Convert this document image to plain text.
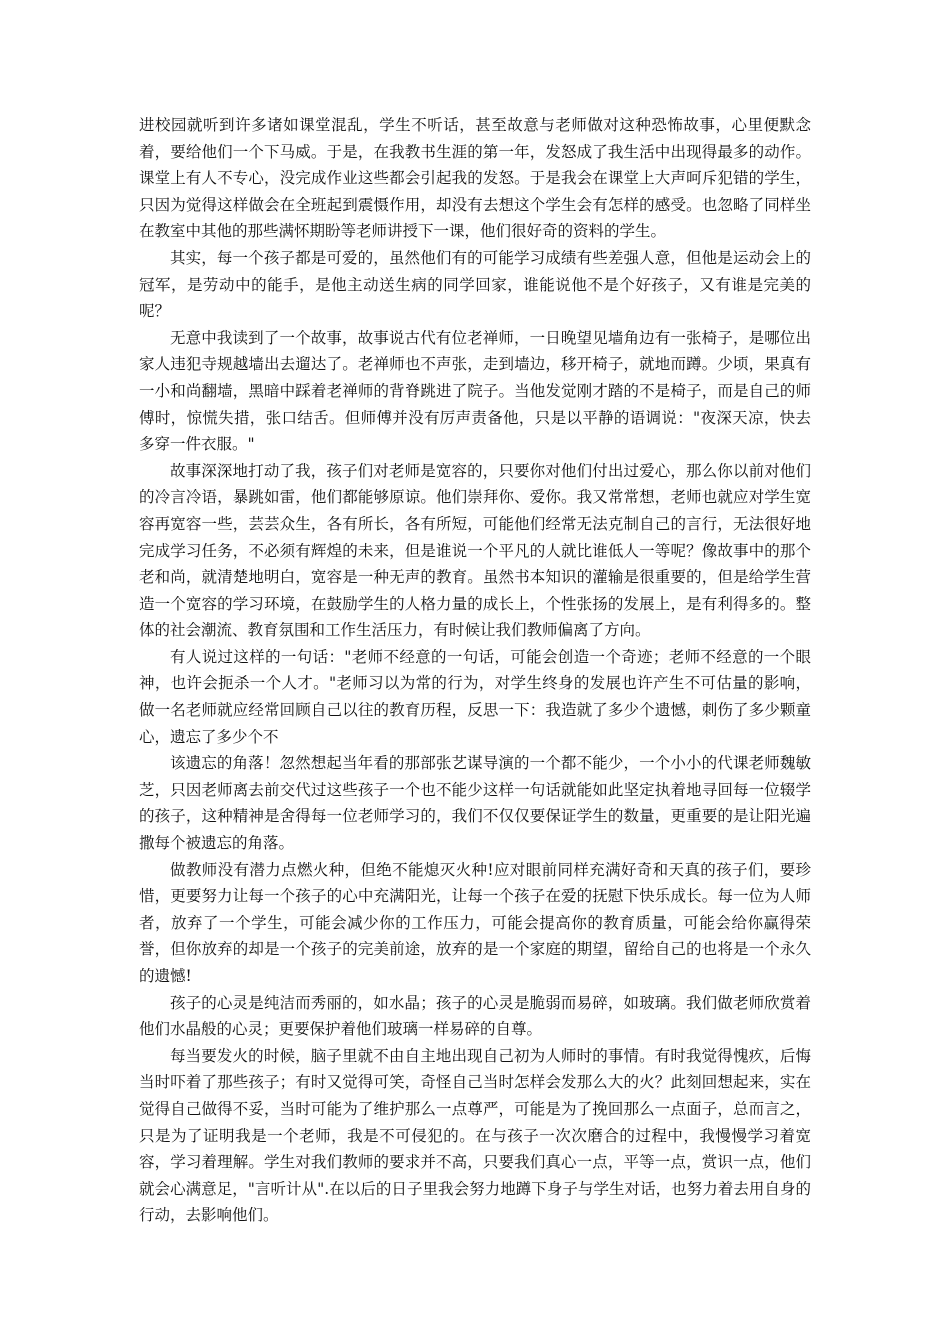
进校园就听到许多诸如课堂混乱，学生不听话，甚至故意与老师做对这种恐怖故事，心里便默念着，要给他们一个下马威。于是，在我教书生涯的第一年，发怒成了我生活中出现得最多的动作。课堂上有人不专心，没完成作业这些都会引起我的发怒。于是我会在课堂上大声呵斥犯错的学生，只因为觉得这样做会在全班起到震慑作用，却没有去想这个学生会有怎样的感受。也忽略了同样坐在教室中其他的那些满怀期盼等老师讲授下一课，他们很好奇的资料的学生。

其实，每一个孩子都是可爱的，虽然他们有的可能学习成绩有些差强人意，但他是运动会上的冠军，是劳动中的能手，是他主动送生病的同学回家，谁能说他不是个好孩子，又有谁是完美的呢？

无意中我读到了一个故事，故事说古代有位老禅师，一日晚望见墙角边有一张椅子，是哪位出家人违犯寺规越墙出去遛达了。老禅师也不声张，走到墙边，移开椅子，就地而蹲。少顷，果真有一小和尚翻墙，黑暗中踩着老禅师的背脊跳进了院子。当他发觉刚才踏的不是椅子，而是自己的师傅时，惊慌失措，张口结舌。但师傅并没有厉声责备他，只是以平静的语调说："夜深天凉，快去多穿一件衣服。"

故事深深地打动了我，孩子们对老师是宽容的，只要你对他们付出过爱心，那么你以前对他们的冷言冷语，暴跳如雷，他们都能够原谅。他们崇拜你、爱你。我又常常想，老师也就应对学生宽容再宽容一些，芸芸众生，各有所长，各有所短，可能他们经常无法克制自己的言行，无法很好地完成学习任务，不必须有辉煌的未来，但是谁说一个平凡的人就比谁低人一等呢？像故事中的那个老和尚，就清楚地明白，宽容是一种无声的教育。虽然书本知识的灌输是很重要的，但是给学生营造一个宽容的学习环境，在鼓励学生的人格力量的成长上，个性张扬的发展上，是有利得多的。整体的社会潮流、教育氛围和工作生活压力，有时候让我们教师偏离了方向。

有人说过这样的一句话："老师不经意的一句话，可能会创造一个奇迹；老师不经意的一个眼神，也许会扼杀一个人才。"老师习以为常的行为，对学生终身的发展也许产生不可估量的影响，做一名老师就应经常回顾自己以往的教育历程，反思一下：我造就了多少个遗憾，刺伤了多少颗童心，遗忘了多少个不

该遗忘的角落！忽然想起当年看的那部张艺谋导演的一个都不能少，一个小小的代课老师魏敏芝，只因老师离去前交代过这些孩子一个也不能少这样一句话就能如此坚定执着地寻回每一位辍学的孩子，这种精神是舍得每一位老师学习的，我们不仅仅要保证学生的数量，更重要的是让阳光遍撒每个被遗忘的角落。

做教师没有潜力点燃火种，但绝不能熄灭火种!应对眼前同样充满好奇和天真的孩子们，要珍惜，更要努力让每一个孩子的心中充满阳光，让每一个孩子在爱的抚慰下快乐成长。每一位为人师者，放弃了一个学生，可能会减少你的工作压力，可能会提高你的教育质量，可能会给你赢得荣誉，但你放弃的却是一个孩子的完美前途，放弃的是一个家庭的期望，留给自己的也将是一个永久的遗憾!

孩子的心灵是纯洁而秀丽的，如水晶；孩子的心灵是脆弱而易碎，如玻璃。我们做老师欣赏着他们水晶般的心灵；更要保护着他们玻璃一样易碎的自尊。

每当要发火的时候，脑子里就不由自主地出现自己初为人师时的事情。有时我觉得愧疚，后悔当时吓着了那些孩子；有时又觉得可笑，奇怪自己当时怎样会发那么大的火？此刻回想起来，实在觉得自己做得不妥，当时可能为了维护那么一点尊严，可能是为了挽回那么一点面子，总而言之，只是为了证明我是一个老师，我是不可侵犯的。在与孩子一次次磨合的过程中，我慢慢学习着宽容，学习着理解。学生对我们教师的要求并不高，只要我们真心一点，平等一点，赏识一点，他们就会心满意足，"言听计从".在以后的日子里我会努力地蹲下身子与学生对话，也努力着去用自身的行动，去影响他们。
